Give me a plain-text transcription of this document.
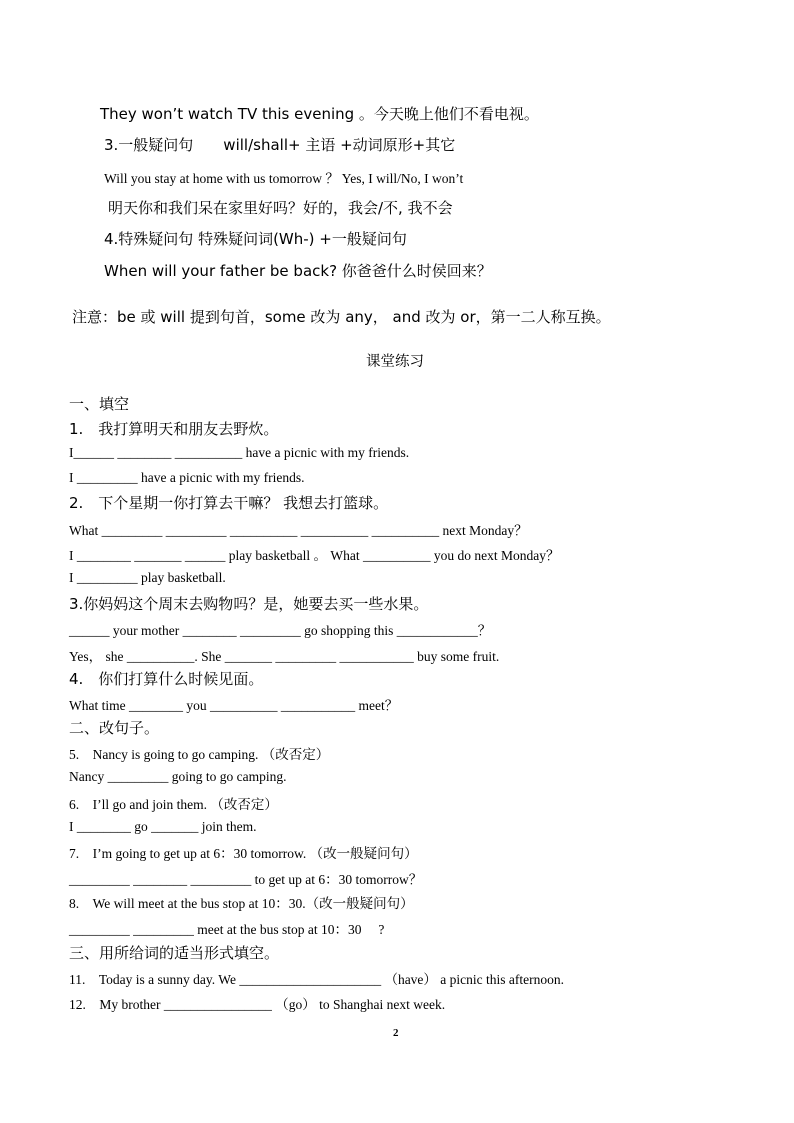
They won’t watch TV this evening 。今天晚上他们不看电视。
3.一般疑问句　　will/shall+ 主语 +动词原形+其它
Will you stay at home with us tomorrow ？ Yes, I will/No, I won’t
明天你和我们呆在家里好吗？好的，我会/不, 我不会
4.特殊疑问句 特殊疑问词(Wh-) +一般疑问句
When will your father be back? 你爸爸什么时侯回来？
注意：be 或 will 提到句首，some 改为 any， and 改为 or，第一二人称互换。
课堂练习
一、填空
1.　我打算明天和朋友去野炊。
I______ ________ __________ have a picnic with my friends.
I _________ have a picnic with my friends.
2.　下个星期一你打算去干嘛？ 我想去打篮球。
What _________ _________ __________ __________ __________ next Monday？
I ________ _______ ______ play basketball 。 What __________ you do next Monday？
I _________ play basketball.
3.你妈妈这个周末去购物吗？是，她要去买一些水果。
______ your mother ________ _________ go shopping this ____________？
Yes， she __________. She _______ _________ ___________ buy some fruit.
4.　你们打算什么时候见面。
What time ________ you __________ ___________ meet？
二、改句子。
5.　Nancy is going to go camping. （改否定）
Nancy _________ going to go camping.
6.　I’ll go and join them. （改否定）
I ________ go _______ join them.
7.　I’m going to get up at 6：30 tomorrow. （改一般疑问句）
_________ ________ _________ to get up at 6：30 tomorrow？
8.　We will meet at the bus stop at 10：30.（改一般疑问句）
_________ _________ meet at the bus stop at 10：30 　?
三、用所给词的适当形式填空。
11.　Today is a sunny day. We _____________________ （have） a picnic this afternoon.
12.　My brother ________________ （go） to Shanghai next week.
2
